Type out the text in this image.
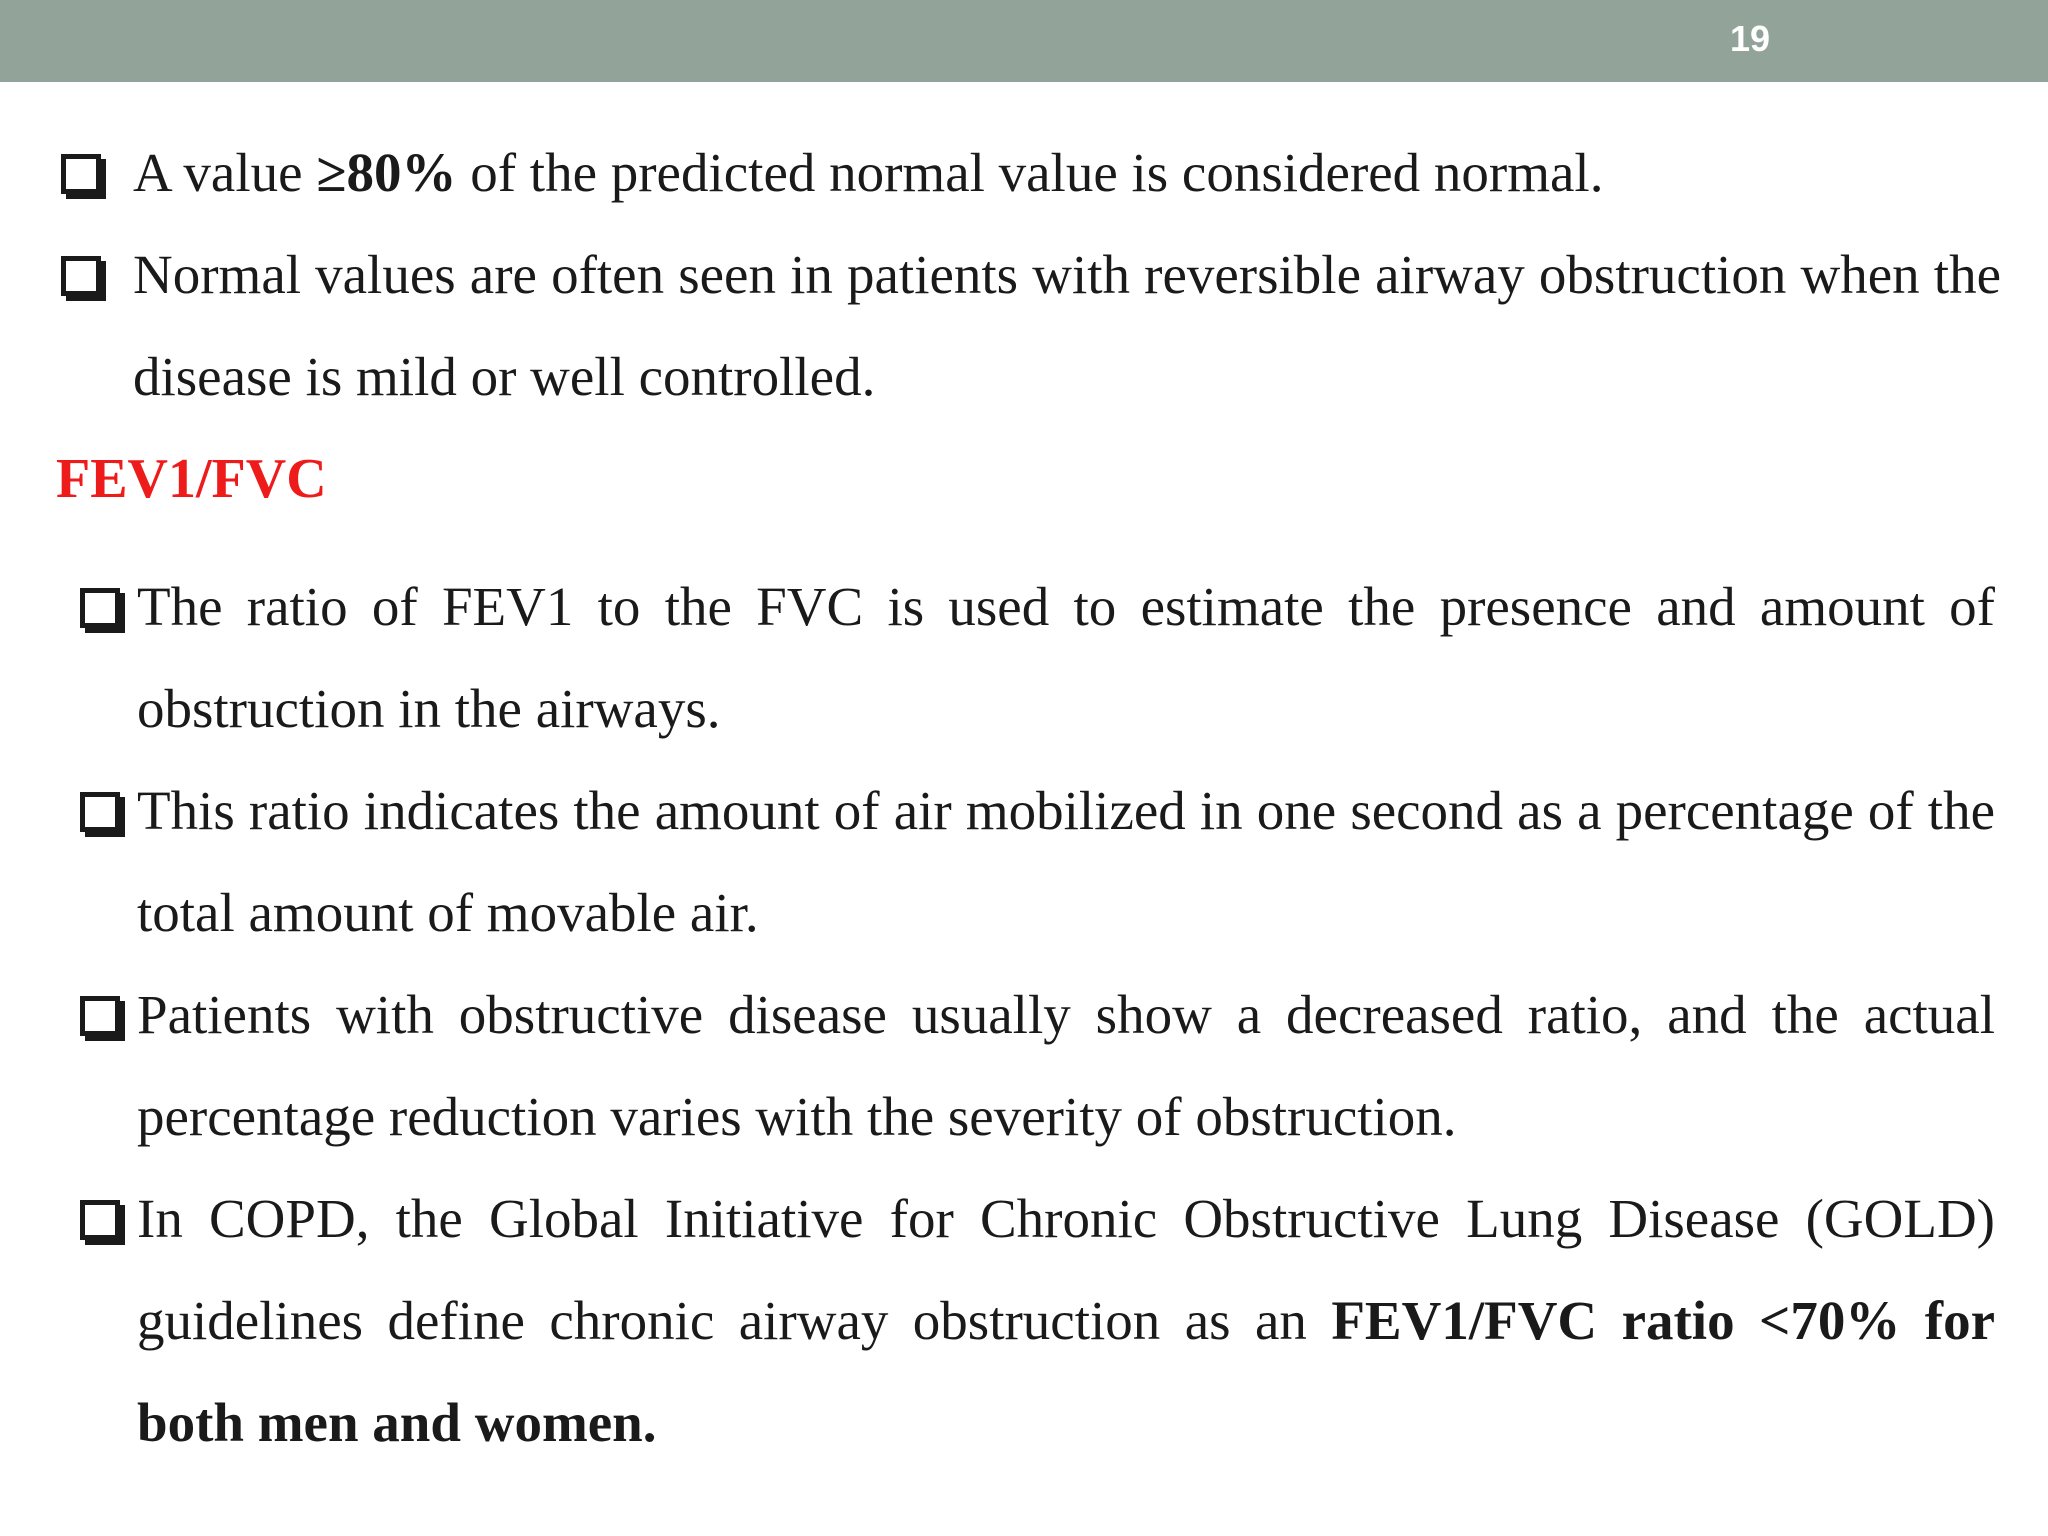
19
A value ≥80% of the predicted normal value is considered normal.
Normal values are often seen in patients with reversible airway obstruction when the disease is mild or well controlled.
FEV1/FVC
The ratio of FEV1 to the FVC is used to estimate the presence and amount of obstruction in the airways.
This ratio indicates the amount of air mobilized in one second as a percentage of the total amount of movable air.
Patients with obstructive disease usually show a decreased ratio, and the actual percentage reduction varies with the severity of obstruction.
In COPD, the Global Initiative for Chronic Obstructive Lung Disease (GOLD) guidelines define chronic airway obstruction as an FEV1/FVC ratio <70% for both men and women.
